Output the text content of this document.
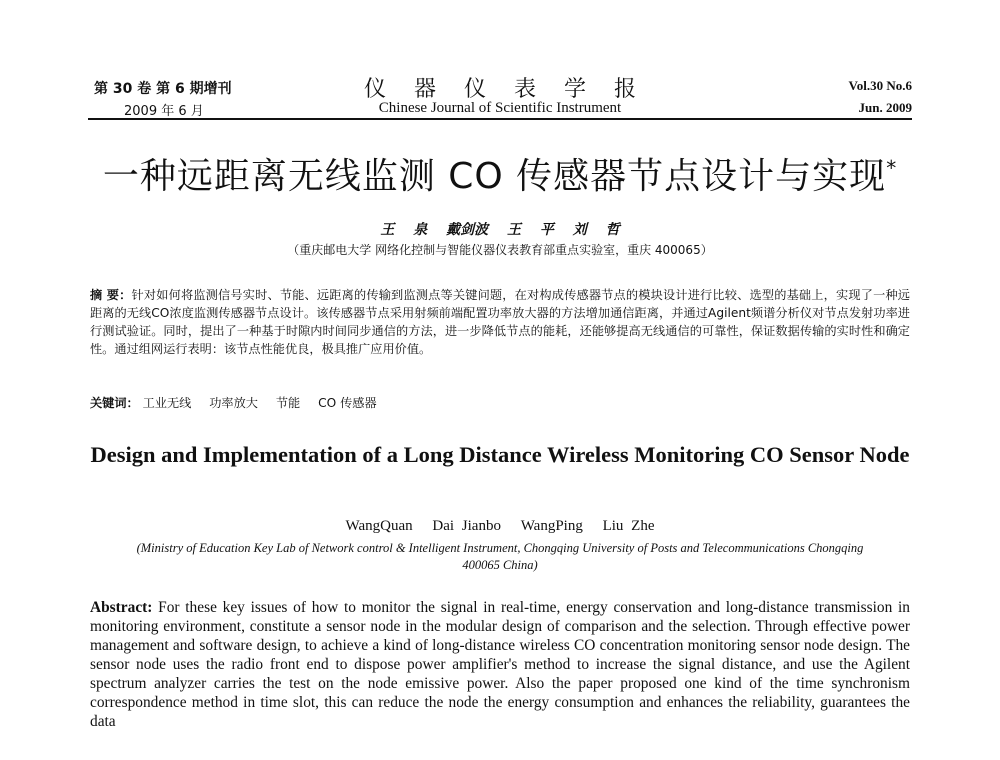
第 30 卷 第 6 期增刊
2009 年 6 月
仪器仪表学报
Chinese Journal of Scientific Instrument
Vol.30 No.6
Jun. 2009
一种远距离无线监测 CO 传感器节点设计与实现*
王 泉 戴剑波 王 平 刘 哲
（重庆邮电大学 网络化控制与智能仪器仪表教育部重点实验室，重庆 400065）
摘 要：针对如何将监测信号实时、节能、远距离的传输到监测点等关键问题，在对构成传感器节点的模块设计进行比较、选型的基础上，实现了一种远距离的无线CO浓度监测传感器节点设计。该传感器节点采用射频前端配置功率放大器的方法增加通信距离，并通过Agilent频谱分析仪对节点发射功率进行测试验证。同时，提出了一种基于时隙内时间同步通信的方法，进一步降低节点的能耗，还能够提高无线通信的可靠性，保证数据传输的实时性和确定性。通过组网运行表明：该节点性能优良，极具推广应用价值。
关键词： 工业无线 功率放大 节能 CO 传感器
Design and Implementation of a Long Distance Wireless Monitoring CO Sensor Node
WangQuan Dai Jianbo WangPing Liu Zhe
(Ministry of Education Key Lab of Network control & Intelligent Instrument, Chongqing University of Posts and Telecommunications Chongqing 400065 China)
Abstract: For these key issues of how to monitor the signal in real-time, energy conservation and long-distance transmission in monitoring environment, constitute a sensor node in the modular design of comparison and the selection. Through effective power management and software design, to achieve a kind of long-distance wireless CO concentration monitoring sensor node design. The sensor node uses the radio front end to dispose power amplifier's method to increase the signal distance, and use the Agilent spectrum analyzer carries the test on the node emissive power. Also the paper proposed one kind of the time synchronism correspondence method in time slot, this can reduce the node the energy consumption and enhances the reliability, guarantees the data
